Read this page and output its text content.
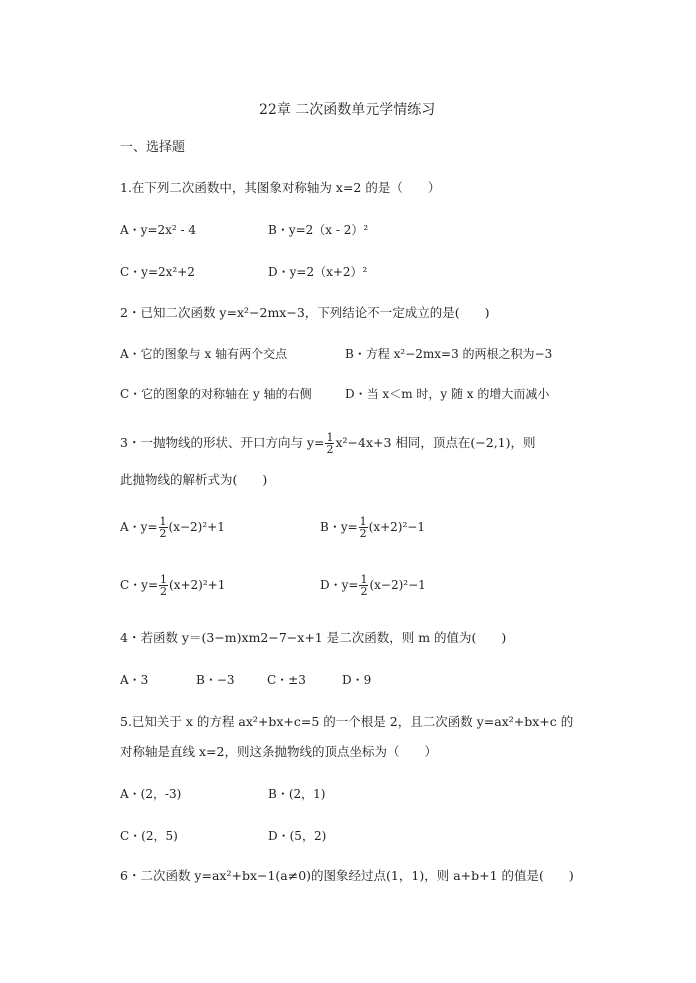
22章 二次函数单元学情练习
一、选择题
1.在下列二次函数中，其图象对称轴为 x=2 的是（　　）
A・y=2x² - 4	B・y=2（x - 2）²
C・y=2x²+2	D・y=2（x+2）²
2・已知二次函数 y=x²−2mx−3，下列结论不一定成立的是(　　)
A・它的图象与 x 轴有两个交点	B・方程 x²−2mx=3 的两根之积为−3
C・它的图象的对称轴在 y 轴的右侧	D・当 x＜m 时，y 随 x 的增大而减小
3・一抛物线的形状、开口方向与 $y= \frac{1}{2} x^2-4x+3$ 相同，顶点在(−2,1)，则
此抛物线的解析式为(　　)
A・$y= \frac{1}{2} (x-2)^2+1$	B・$y= \frac{1}{2} (x+2)^2-1$
C・$y= \frac{1}{2} (x+2)^2+1$	D・$y= \frac{1}{2} (x-2)^2-1$
4・若函数 y＝(3−m)xm2−7−x+1 是二次函数，则 m 的值为(　　)
A・3	B・−3	C・±3	D・9
5.已知关于 x 的方程 ax²+bx+c=5 的一个根是 2，且二次函数 y=ax²+bx+c 的
对称轴是直线 x=2，则这条抛物线的顶点坐标为（　　）
A・(2，-3)	B・(2，1)
C・(2，5)	D・(5，2)
6・二次函数 y=ax²+bx−1(a≠0)的图象经过点(1，1)，则 a+b+1 的值是(　　)
